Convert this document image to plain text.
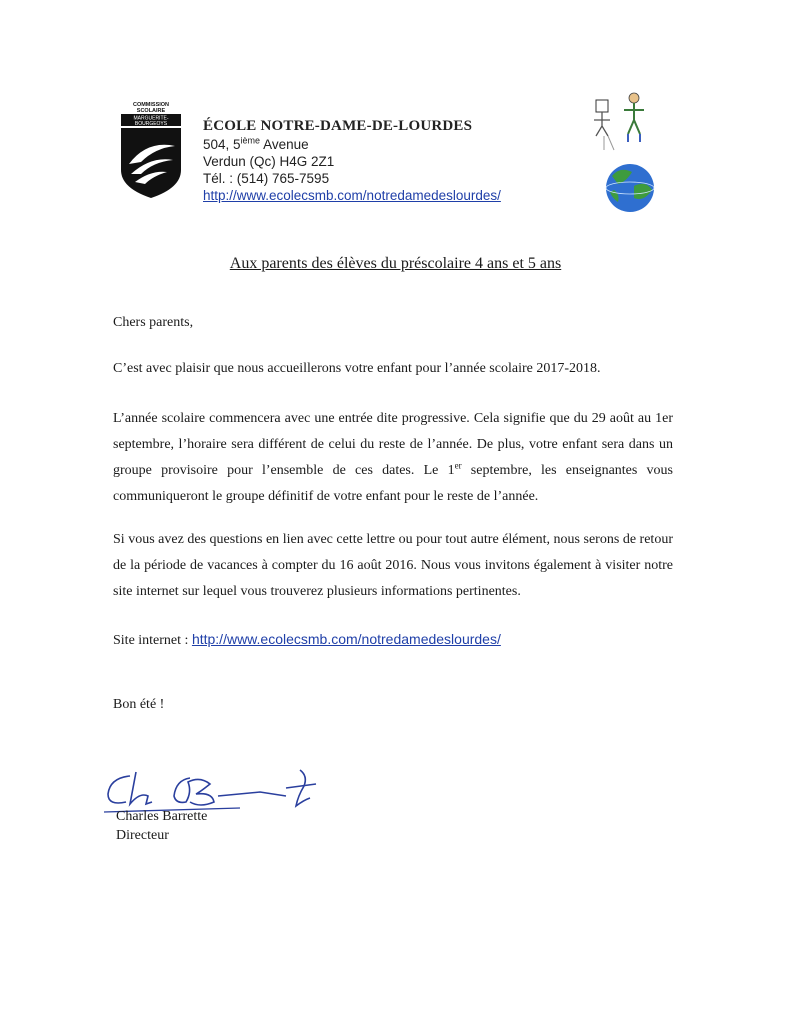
COMMISSION
SCOLAIRE
MARGUERITE-
BOURGEOYS ÉCOLE NOTRE-DAME-DE-LOURDES
504, 5ième Avenue
Verdun (Qc) H4G 2Z1
Tél. : (514) 765-7595
http://www.ecolecsmb.com/notredamedeslourdes/
Aux parents des élèves du préscolaire 4 ans et 5 ans
Chers parents,
C’est avec plaisir que nous accueillerons votre enfant pour l’année scolaire 2017-2018.
L’année scolaire commencera avec une entrée dite progressive. Cela signifie que du 29 août au 1er septembre, l’horaire sera différent de celui du reste de l’année. De plus, votre enfant sera dans un groupe provisoire pour l’ensemble de ces dates. Le 1er septembre, les enseignantes vous communiqueront le groupe définitif de votre enfant pour le reste de l’année.
Si vous avez des questions en lien avec cette lettre ou pour tout autre élément, nous serons de retour de la période de vacances à compter du 16 août 2016. Nous vous invitons également à visiter notre site internet sur lequel vous trouverez plusieurs informations pertinentes.
Site internet : http://www.ecolecsmb.com/notredamedeslourdes/
Bon été !
Charles Barrette
Directeur
